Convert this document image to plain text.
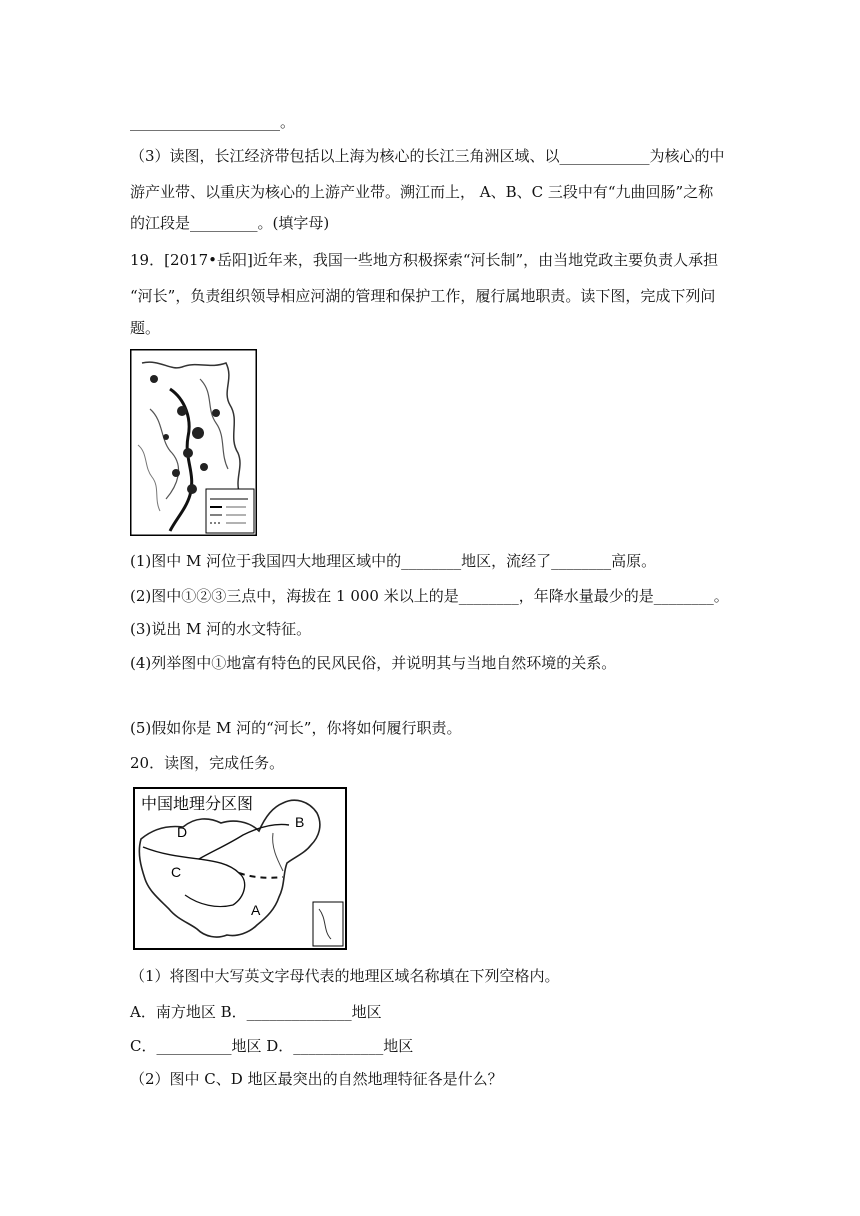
____________________。
（3）读图，长江经济带包括以上海为核心的长江三角洲区域、以____________为核心的中
游产业带、以重庆为核心的上游产业带。溯江而上， A、B、C 三段中有“九曲回肠”之称
的江段是_________。(填字母)
19．[2017•岳阳]近年来，我国一些地方积极探索“河长制”，由当地党政主要负责人承担
“河长”，负责组织领导相应河湖的管理和保护工作，履行属地职责。读下图，完成下列问
题。
(1)图中 M 河位于我国四大地理区域中的________地区，流经了________高原。
(2)图中①②③三点中，海拔在 1 000 米以上的是________，年降水量最少的是________。
(3)说出 M 河的水文特征。
(4)列举图中①地富有特色的民风民俗，并说明其与当地自然环境的关系。
(5)假如你是 M 河的“河长”，你将如何履行职责。
20．读图，完成任务。
中国地理分区图
D
B
C
A
（1）将图中大写英文字母代表的地理区域名称填在下列空格内。
A．南方地区 B．______________地区
C．__________地区 D．____________地区
（2）图中 C、D 地区最突出的自然地理特征各是什么？
